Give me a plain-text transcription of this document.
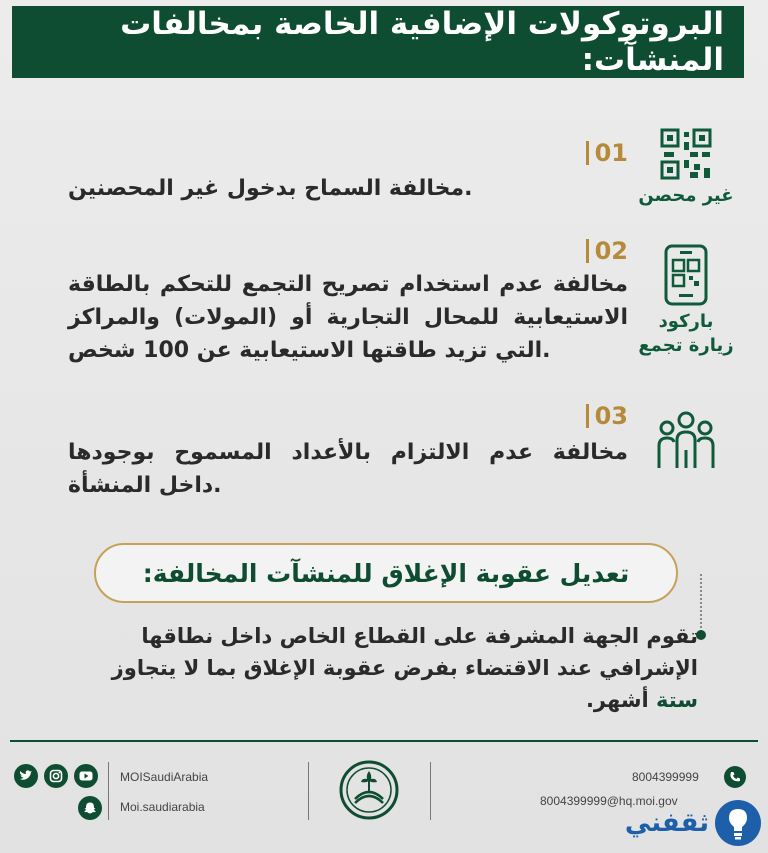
البروتوكولات الإضافية الخاصة بمخالفات المنشآت:
غير محصن
01
مخالفة السماح بدخول غير المحصنين.
باركود
زيارة تجمع
02
مخالفة عدم استخدام تصريح التجمع للتحكم بالطاقة الاستيعابية للمحال التجارية أو (المولات) والمراكز التي تزيد طاقتها الاستيعابية عن 100 شخص.
03
مخالفة عدم الالتزام بالأعداد المسموح بوجودها داخل المنشأة.
تعديل عقوبة الإغلاق للمنشآت المخالفة:
تقوم الجهة المشرفة على القطاع الخاص داخل نطاقها الإشرافي عند الاقتضاء بفرض عقوبة الإغلاق بما لا يتجاوز ستة أشهر.
MOISaudiArabia
Moi.saudiarabia
8004399999
8004399999@hq.moi.gov
ثقفني
